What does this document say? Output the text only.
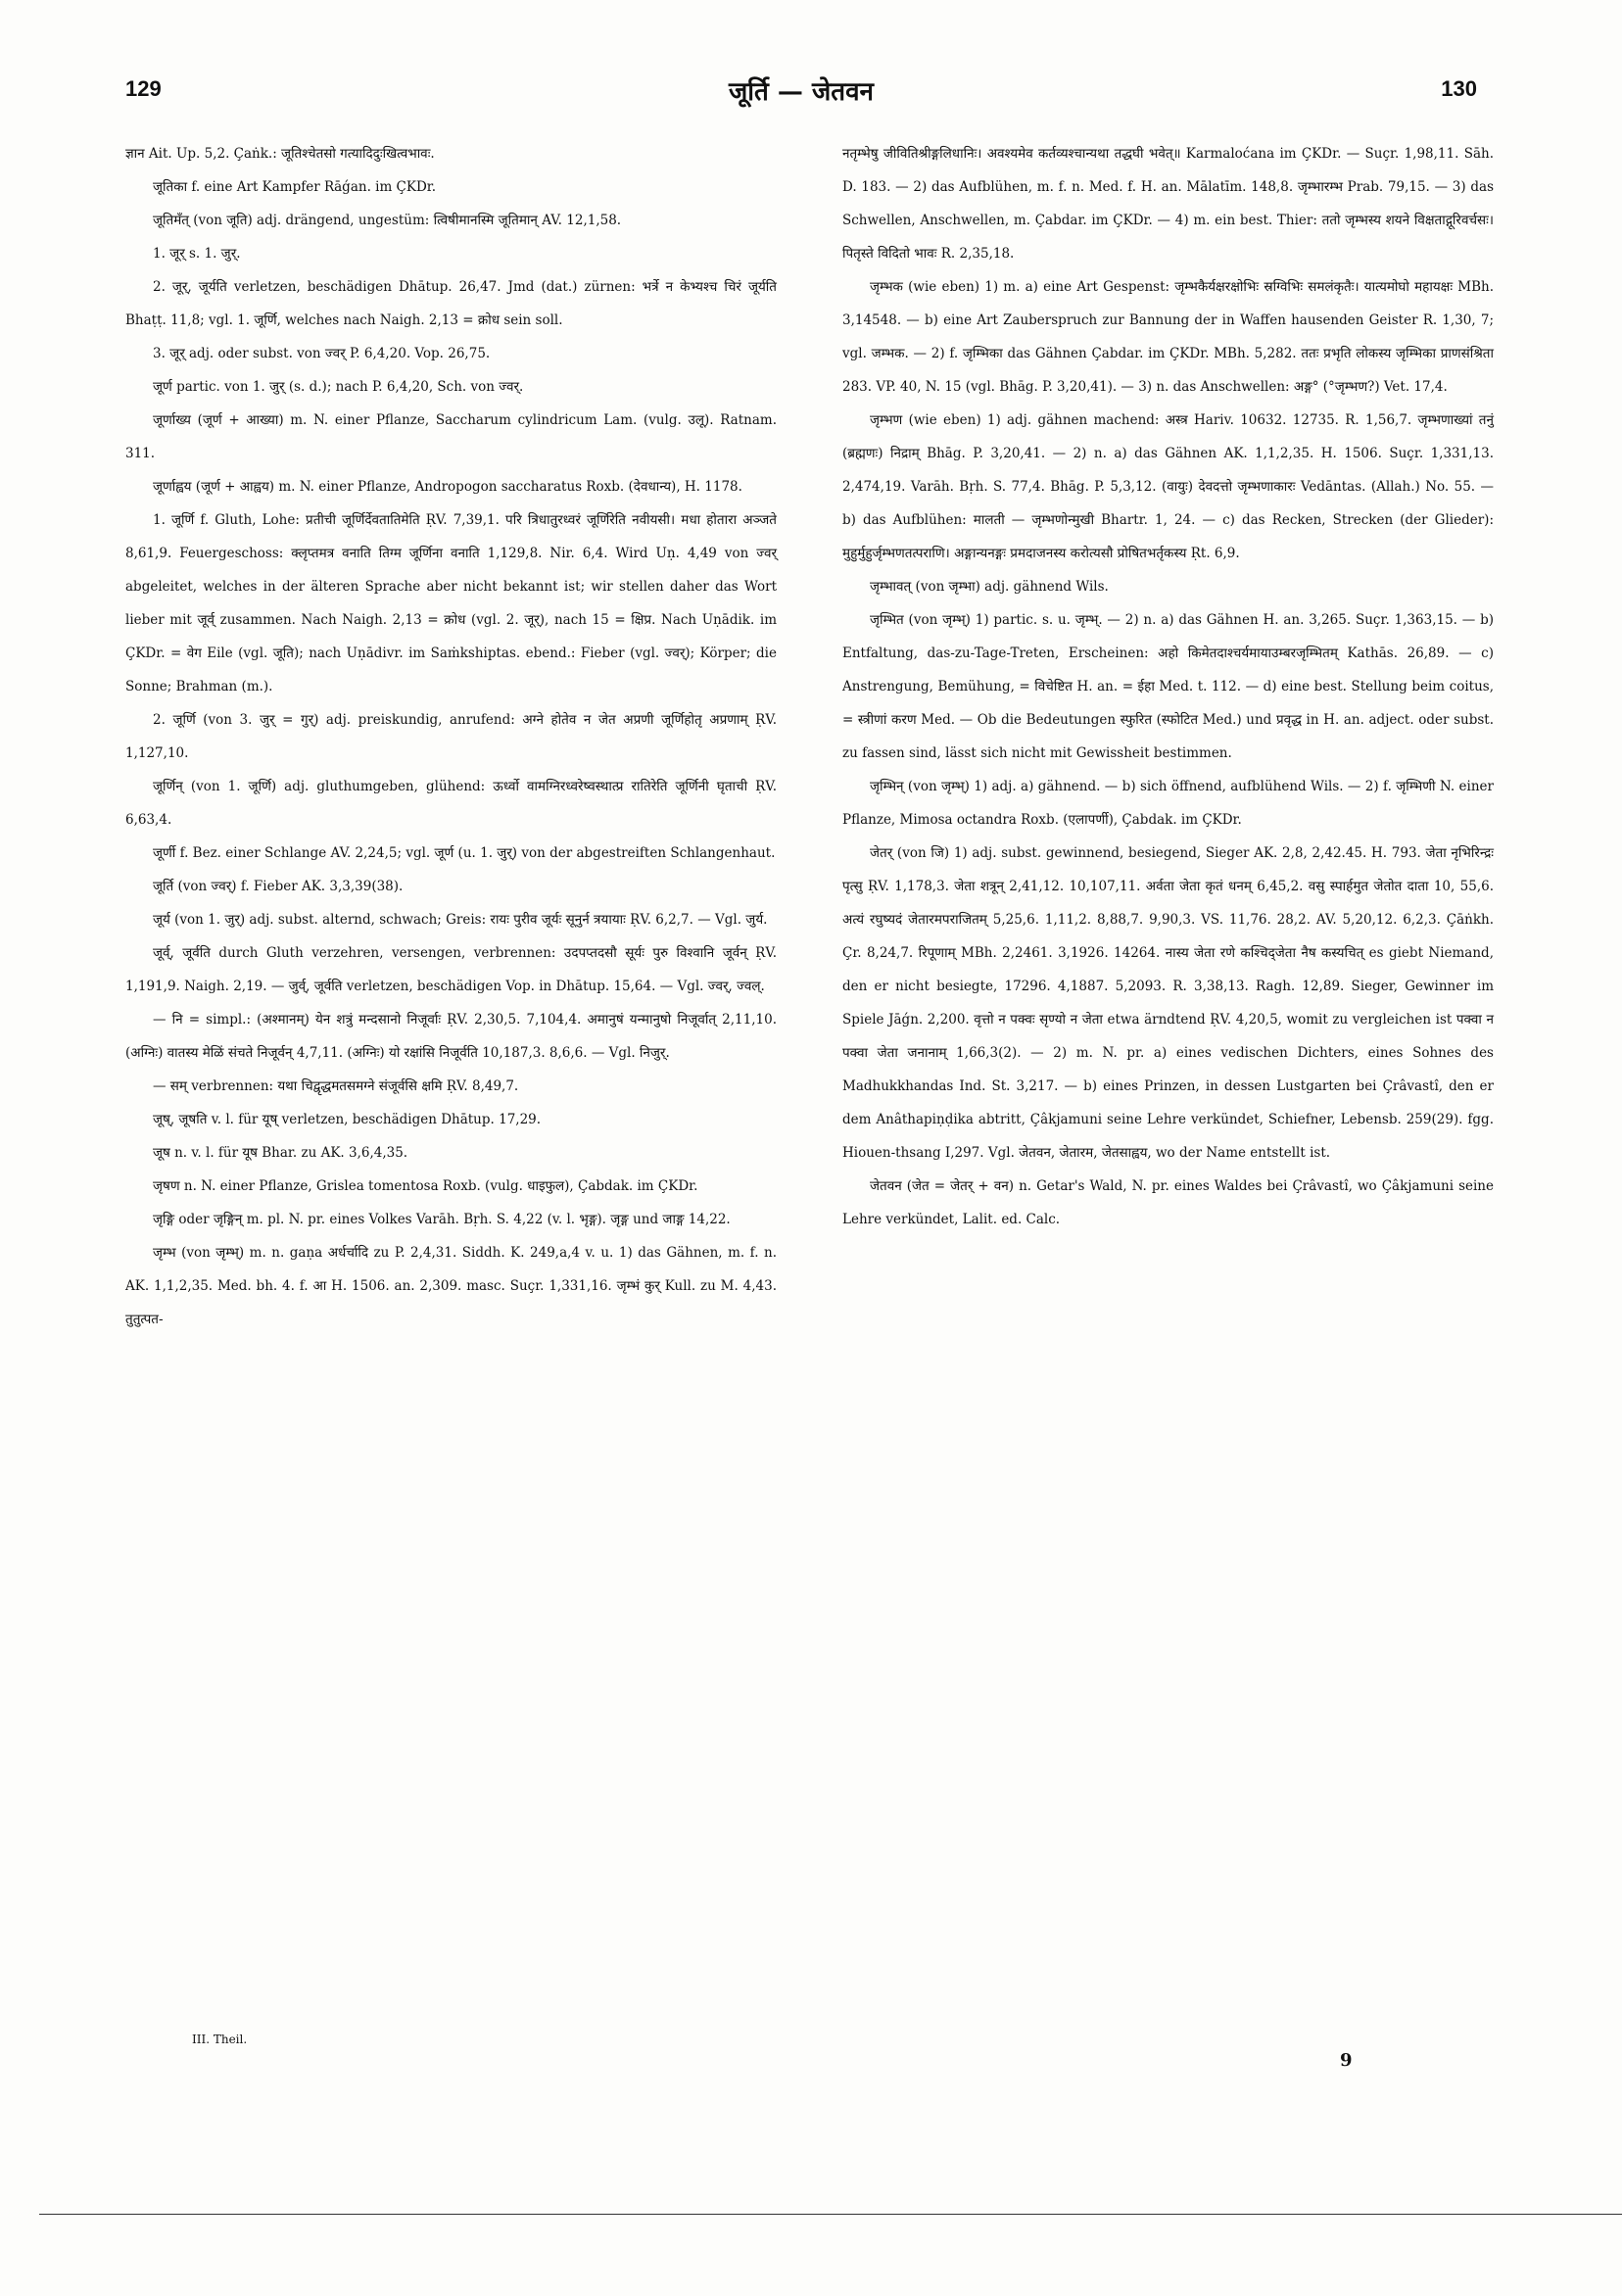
129	जूर्ति — जेतवन	130

ज्ञान Ait. Up. 5,2. Çaṅk.: जूतिश्चेतसो गत्यादिदुःखित्वभावः.

जूतिका f. eine Art Kampfer Rāǵan. im ÇKDr.

जूतिमँत् (von जूति) adj. drängend, ungestüm: त्विषीमानस्मि जूतिमान् AV. 12,1,58.

1. जूर् s. 1. जुर्.

2. जूर्, जूर्यति verletzen, beschädigen Dhātup. 26,47. Jmd (dat.) zürnen: भर्त्रे न केभ्यश्च चिरं जूर्यति Bhaṭṭ. 11,8; vgl. 1. जूर्णि, welches nach Naigh. 2,13 = क्रोध sein soll.

3. जूर् adj. oder subst. von ज्वर् P. 6,4,20. Vop. 26,75.

जूर्ण partic. von 1. जुर् (s. d.); nach P. 6,4,20, Sch. von ज्वर्.

जूर्णाख्य (जूर्ण + आख्या) m. N. einer Pflanze, Saccharum cylindricum Lam. (vulg. उलू). Ratnam. 311.

जूर्णाह्वय (जूर्ण + आह्वय) m. N. einer Pflanze, Andropogon saccharatus Roxb. (देवधान्य), H. 1178.

1. जूर्णि f. Gluth, Lohe: प्रतीची जूर्णिर्देवतातिमेति ṚV. 7,39,1. परि त्रिधातुरध्वरं जूर्णिरेति नवीयसी। मधा होतारा अञ्जते 8,61,9. Feuergeschoss: क्लृप्तमत्र वनाति तिग्म जूर्णिना वनाति 1,129,8. Nir. 6,4. Wird Uṇ. 4,49 von ज्वर् abgeleitet, welches in der älteren Sprache aber nicht bekannt ist; wir stellen daher das Wort lieber mit जूर्व् zusammen. Nach Naigh. 2,13 = क्रोध (vgl. 2. जूर्), nach 15 = क्षिप्र. Nach Uṇādik. im ÇKDr. = वेग Eile (vgl. जूति); nach Uṇādivr. im Saṁkshiptas. ebend.: Fieber (vgl. ज्वर्); Körper; die Sonne; Brahman (m.).

2. जूर्णि (von 3. जुर् = गुर्) adj. preiskundig, anrufend: अग्ने होतेव न जेत अप्रणी जूर्णिहोतृ अप्रणाम् ṚV. 1,127,10.

जूर्णिन् (von 1. जूर्णि) adj. gluthumgeben, glühend: ऊर्ध्वो वामग्निरध्वरेष्वस्थात्प्र रातिरेति जूर्णिनी घृताची ṚV. 6,63,4.

जूर्णी f. Bez. einer Schlange AV. 2,24,5; vgl. जूर्ण (u. 1. जुर्) von der abgestreiften Schlangenhaut.

जूर्ति (von ज्वर्) f. Fieber AK. 3,3,39(38).

जूर्य (von 1. जुर्) adj. subst. alternd, schwach; Greis: रायः पुरीव जूर्यः सूनुर्न त्रयायाः ṚV. 6,2,7. — Vgl. जुर्य.

जूर्व्, जूर्वति durch Gluth verzehren, versengen, verbrennen: उदपप्तदसौ सूर्यः पुरु विश्वानि जूर्वन् ṚV. 1,191,9. Naigh. 2,19. — जुर्व्, जूर्वति verletzen, beschädigen Vop. in Dhātup. 15,64. — Vgl. ज्वर्, ज्वल्.

— नि = simpl.: (अश्मानम्) येन शत्रुं मन्दसानो निजूर्वाः ṚV. 2,30,5. 7,104,4. अमानुषं यन्मानुषो निजूर्वात् 2,11,10. (अग्निः) वातस्य मेळिं संचते निजूर्वन् 4,7,11. (अग्निः) यो रक्षांसि निजूर्वति 10,187,3. 8,6,6. — Vgl. निजुर्.

— सम् verbrennen: यथा चिद्वृद्धमतसमग्ने संजूर्वसि क्षमि ṚV. 8,49,7.

जूष्, जूषति v. l. für यूष् verletzen, beschädigen Dhātup. 17,29.

जूष n. v. l. für यूष Bhar. zu AK. 3,6,4,35.

जृषण n. N. einer Pflanze, Grislea tomentosa Roxb. (vulg. धाइफुल), Çabdak. im ÇKDr.

जृङ्गि oder जृङ्गिन् m. pl. N. pr. eines Volkes Varāh. Bṛh. S. 4,22 (v. l. भृङ्ग). जृङ्ग und जाङ्ग 14,22.

जृम्भ (von जृम्भ्) m. n. gaṇa अर्धर्चादि zu P. 2,4,31. Siddh. K. 249,a,4 v. u. 1) das Gähnen, m. f. n. AK. 1,1,2,35. Med. bh. 4. f. आ H. 1506. an. 2,309. masc. Suçr. 1,331,16. जृम्भं कुर् Kull. zu M. 4,43. तुतुत्पत-

नतृम्भेषु जीवितिश्रीङ्गलिधानिः। अवश्यमेव कर्तव्यश्चान्यथा तद्धघी भवेत्॥ Karmaloćana im ÇKDr. — Suçr. 1,98,11. Sāh. D. 183. — 2) das Aufblühen, m. f. n. Med. f. H. an. Mālatīm. 148,8. जृम्भारम्भ Prab. 79,15. — 3) das Schwellen, Anschwellen, m. Çabdar. im ÇKDr. — 4) m. ein best. Thier: ततो जृम्भस्य शयने विक्षताद्गूरिवर्चसः। पितृस्ते विदितो भावः R. 2,35,18.

जृम्भक (wie eben) 1) m. a) eine Art Gespenst: जृम्भकैर्यक्षरक्षोभिः स्रग्विभिः समलंकृतैः। यात्यमोघो महायक्षः MBh. 3,14548. — b) eine Art Zauberspruch zur Bannung der in Waffen hausenden Geister R. 1,30, 7; vgl. जम्भक. — 2) f. जृम्भिका das Gähnen Çabdar. im ÇKDr. MBh. 5,282. ततः प्रभृति लोकस्य जृम्भिका प्राणसंश्रिता 283. VP. 40, N. 15 (vgl. Bhāg. P. 3,20,41). — 3) n. das Anschwellen: अङ्ग° (°जृम्भण?) Vet. 17,4.

जृम्भण (wie eben) 1) adj. gähnen machend: अस्त्र Hariv. 10632. 12735. R. 1,56,7. जृम्भणाख्यां तनुं (ब्रह्मणः) निद्राम् Bhāg. P. 3,20,41. — 2) n. a) das Gähnen AK. 1,1,2,35. H. 1506. Suçr. 1,331,13. 2,474,19. Varāh. Bṛh. S. 77,4. Bhāg. P. 5,3,12. (वायुः) देवदत्तो जृम्भणाकारः Vedāntas. (Allah.) No. 55. — b) das Aufblühen: मालती — जृम्भणोन्मुखी Bhartr. 1, 24. — c) das Recken, Strecken (der Glieder): मुहुर्मुहुर्जृम्भणतत्पराणि। अङ्गान्यनङ्गः प्रमदाजनस्य करोत्यसौ प्रोषितभर्तृकस्य Ṛt. 6,9.

जृम्भावत् (von जृम्भा) adj. gähnend Wils.

जृम्भित (von जृम्भ्) 1) partic. s. u. जृम्भ्. — 2) n. a) das Gähnen H. an. 3,265. Suçr. 1,363,15. — b) Entfaltung, das-zu-Tage-Treten, Erscheinen: अहो किमेतदाश्चर्यमायाउम्बरजृम्भितम् Kathās. 26,89. — c) Anstrengung, Bemühung, = विचेष्टित H. an. = ईहा Med. t. 112. — d) eine best. Stellung beim coitus, = स्त्रीणां करण Med. — Ob die Bedeutungen स्फुरित (स्फोटित Med.) und प्रवृद्ध in H. an. adject. oder subst. zu fassen sind, lässt sich nicht mit Gewissheit bestimmen.

जृम्भिन् (von जृम्भ्) 1) adj. a) gähnend. — b) sich öffnend, aufblühend Wils. — 2) f. जृम्भिणी N. einer Pflanze, Mimosa octandra Roxb. (एलापर्णी), Çabdak. im ÇKDr.

जेतर् (von जि) 1) adj. subst. gewinnend, besiegend, Sieger AK. 2,8, 2,42.45. H. 793. जेता नृभिरिन्द्रः पृत्सु ṚV. 1,178,3. जेता शत्रून् 2,41,12. 10,107,11. अर्वता जेता कृतं धनम् 6,45,2. वसु स्पार्हमुत जेतोत दाता 10, 55,6. अत्यं रघुष्यदं जेतारमपराजितम् 5,25,6. 1,11,2. 8,88,7. 9,90,3. VS. 11,76. 28,2. AV. 5,20,12. 6,2,3. Çāṅkh. Çr. 8,24,7. रिपूणाम् MBh. 2,2461. 3,1926. 14264. नास्य जेता रणे कश्चिद्जेता नैष कस्यचित् es giebt Niemand, den er nicht besiegte, 17296. 4,1887. 5,2093. R. 3,38,13. Ragh. 12,89. Sieger, Gewinner im Spiele Jāǵn. 2,200. वृत्तो न पक्वः सृण्यो न जेता etwa ärndtend ṚV. 4,20,5, womit zu vergleichen ist पक्वा न पक्वा जेता जनानाम् 1,66,3(2). — 2) m. N. pr. a) eines vedischen Dichters, eines Sohnes des Madhukkhandas Ind. St. 3,217. — b) eines Prinzen, in dessen Lustgarten bei Çrâvastî, den er dem Anâthapiṇḍika abtritt, Çâkjamuni seine Lehre verkündet, Schiefner, Lebensb. 259(29). fgg. Hiouen-thsang I,297. Vgl. जेतवन, जेतारम, जेतसाह्वय, wo der Name entstellt ist.

जेतवन (जेत = जेतर् + वन) n. Getar's Wald, N. pr. eines Waldes bei Çrâvastî, wo Çâkjamuni seine Lehre verkündet, Lalit. ed. Calc.

III. Theil.
9
